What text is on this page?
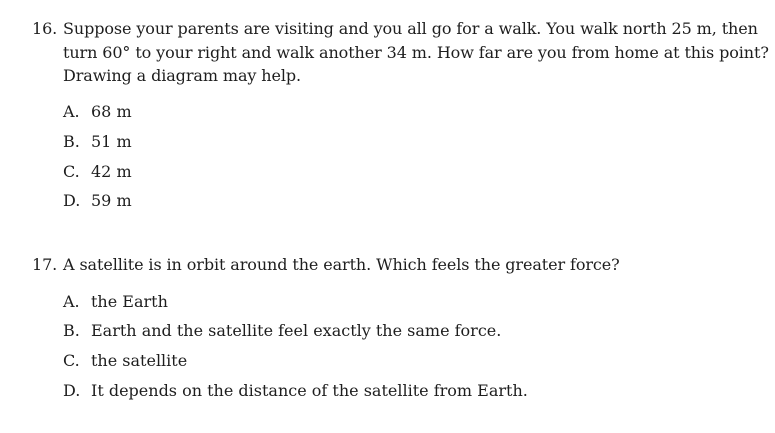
16. Suppose your parents are visiting and you all go for a walk. You walk north 25 m, then
turn 60° to your right and walk another 34 m. How far are you from home at this point?
Drawing a diagram may help.
A. 68 m
B. 51 m
C. 42 m
D. 59 m
17. A satellite is in orbit around the earth. Which feels the greater force?
A. the Earth
B. Earth and the satellite feel exactly the same force.
C. the satellite
D. It depends on the distance of the satellite from Earth.
